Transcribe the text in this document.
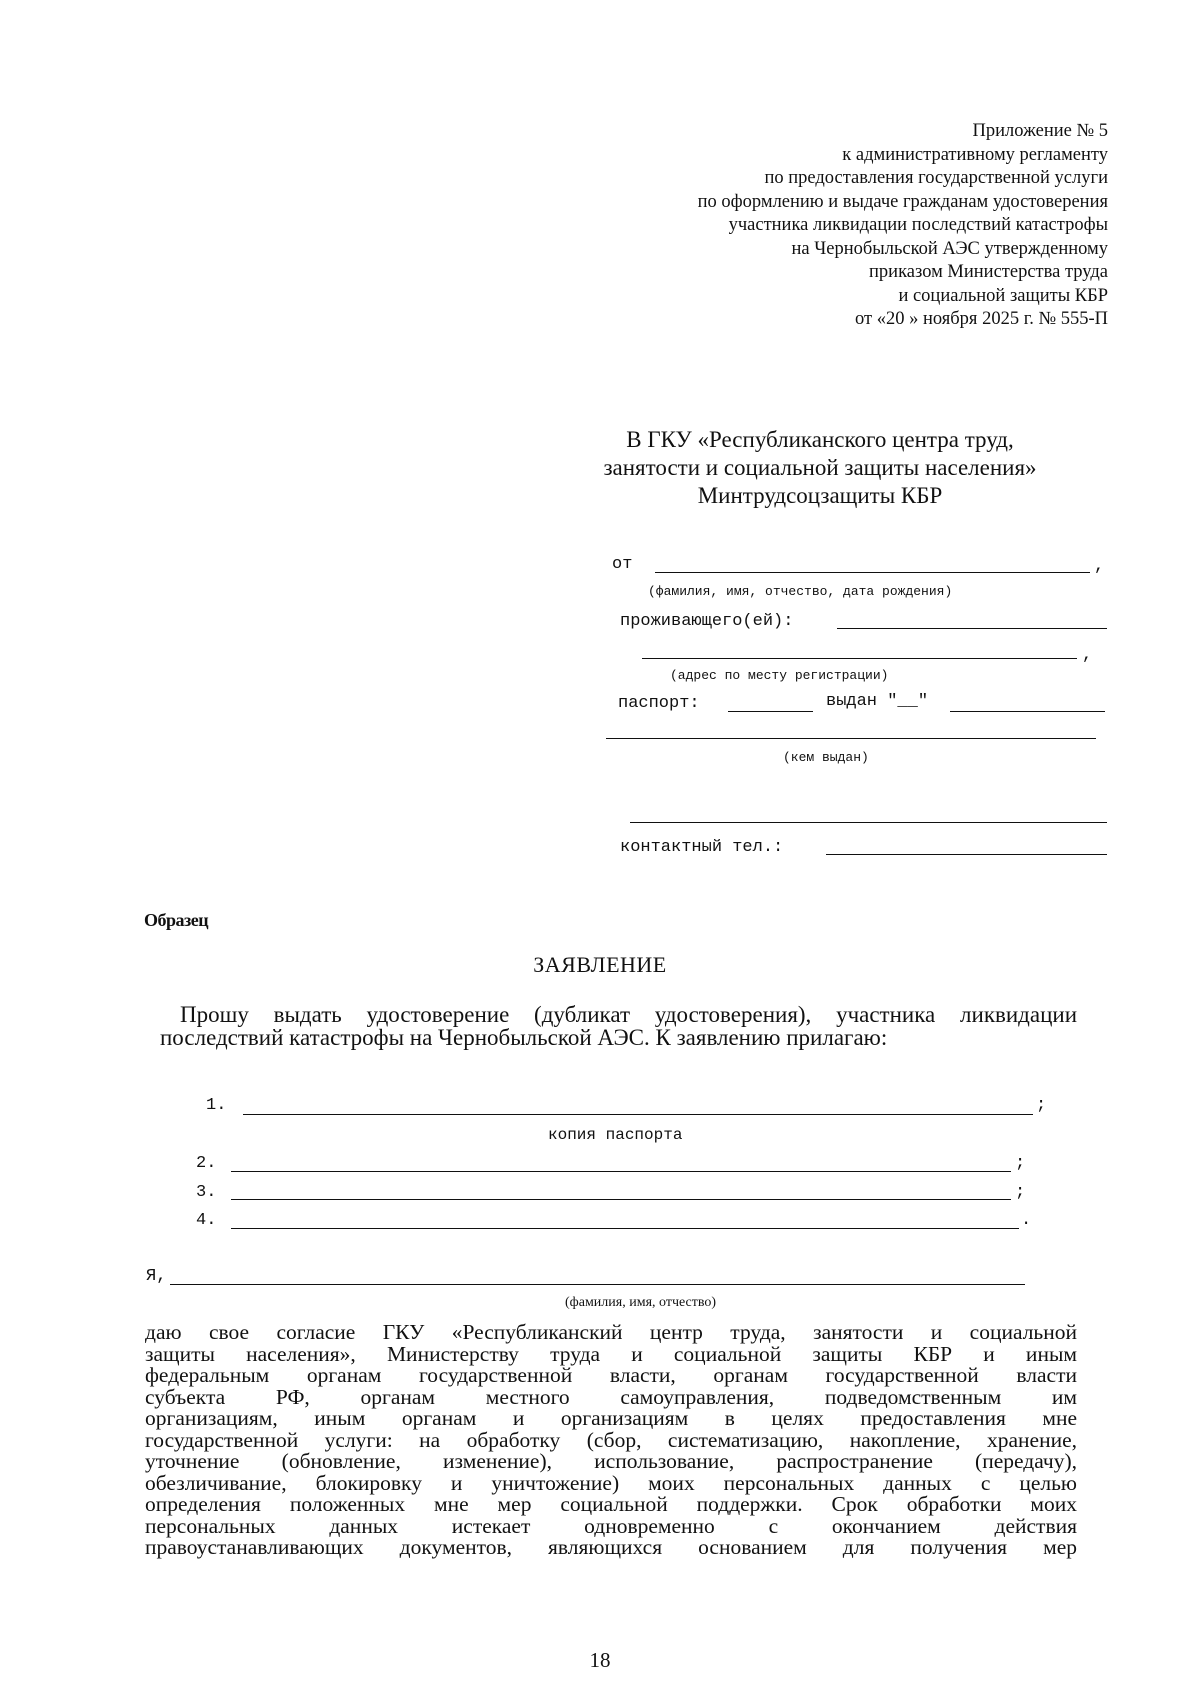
Приложение № 5
к административному регламенту
по предоставления государственной услуги
по оформлению и выдаче гражданам удостоверения
участника ликвидации последствий катастрофы
на Чернобыльской АЭС утвержденному
приказом Министерства труда
и социальной защиты КБР
от «20 » ноября 2025 г. № 555-П
В ГКУ «Республиканского центра труд,
занятости и социальной защиты населения»
Минтрудсоцзащиты КБР
от	,
(фамилия, имя, отчество, дата рождения)
проживающего(ей):
,
(адрес по месту регистрации)
паспорт:	выдан "__"
(кем выдан)
контактный тел.:
Образец
ЗАЯВЛЕНИЕ
Прошу выдать удостоверение (дубликат удостоверения), участника ликвидации
последствий катастрофы на Чернобыльской АЭС. К заявлению прилагаю:
1.	;
копия паспорта
2.	;
3.	;
4.	.
Я,
(фамилия, имя, отчество)
даю свое согласие ГКУ «Республиканский центр труда, занятости и социальной
защиты населения», Министерству труда и социальной защиты КБР и иным
федеральным органам государственной власти, органам государственной власти
субъекта РФ, органам местного самоуправления, подведомственным им
организациям, иным органам и организациям в целях предоставления мне
государственной услуги: на обработку (сбор, систематизацию, накопление, хранение,
уточнение (обновление, изменение), использование, распространение (передачу),
обезличивание, блокировку и уничтожение) моих персональных данных с целью
определения положенных мне мер социальной поддержки. Срок обработки моих
персональных данных истекает одновременно с окончанием действия
правоустанавливающих документов, являющихся основанием для получения мер
18
